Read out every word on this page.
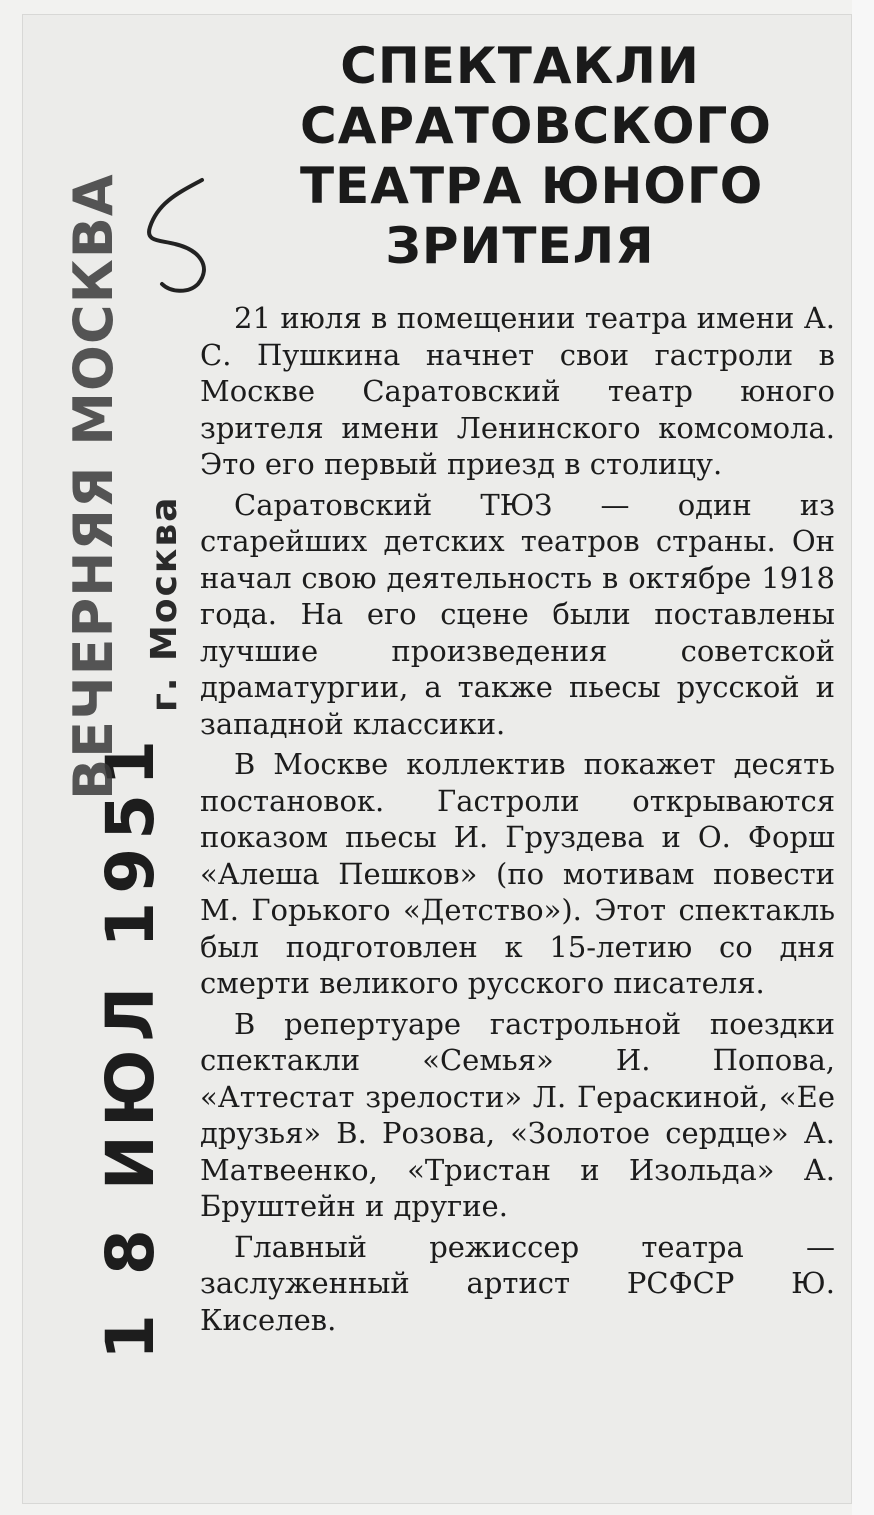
СПЕКТАКЛИ
САРАТОВСКОГО
ТЕАТРА ЮНОГО
ЗРИТЕЛЯ
1 8 ИЮЛ 1951
ВЕЧЕРНЯЯ МОСКВА г. Москва

21 июля в помещении театра имени А. С. Пушкина начнет свои гастроли в Москве Саратовский театр юного зрителя имени Ленинского комсомола. Это его первый приезд в столицу.

Саратовский ТЮЗ — один из старейших детских театров страны. Он начал свою деятельность в октябре 1918 года. На его сцене были поставлены лучшие произведения советской драматургии, а также пьесы русской и западной классики.

В Москве коллектив покажет десять постановок. Гастроли открываются показом пьесы И. Груздева и О. Форш «Алеша Пешков» (по мотивам повести М. Горького «Детство»). Этот спектакль был подготовлен к 15-летию со дня смерти великого русского писателя.

В репертуаре гастрольной поездки спектакли «Семья» И. Попова, «Аттестат зрелости» Л. Гераскиной, «Ее друзья» В. Розова, «Золотое сердце» А. Матвеенко, «Тристан и Изольда» А. Бруштейн и другие.

Главный режиссер театра — заслуженный артист РСФСР Ю. Киселев.
